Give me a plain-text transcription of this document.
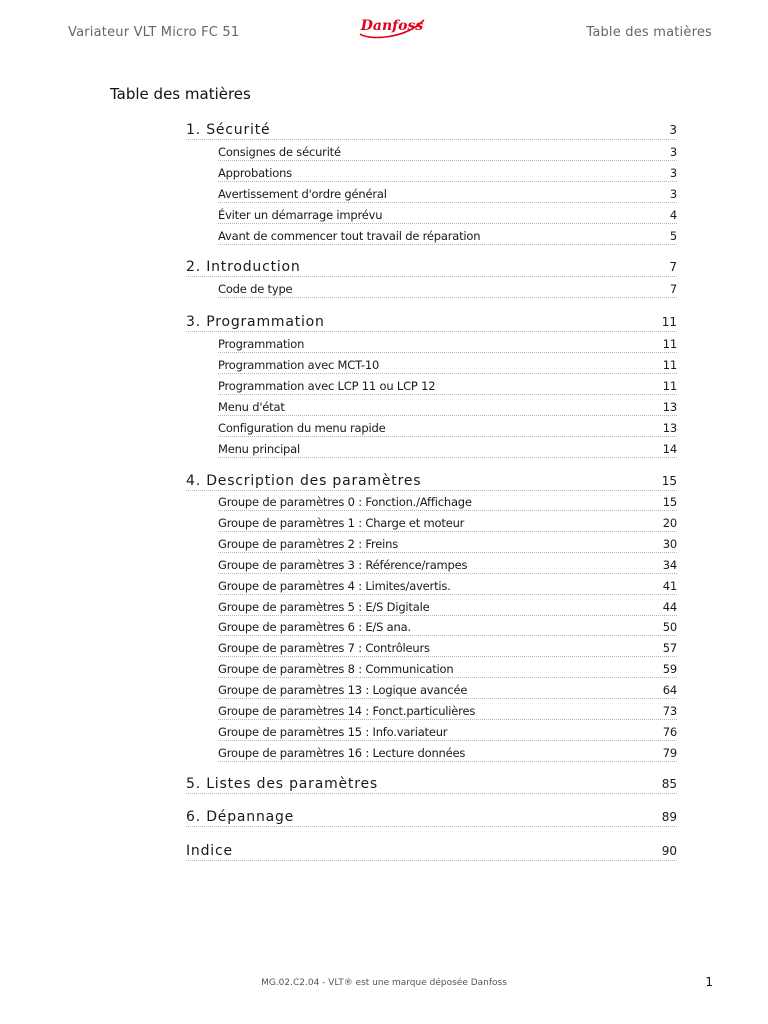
Variateur VLT Micro FC 51	Danfoss	Table des matières
Table des matières
1. Sécurité	3
Consignes de sécurité	3
Approbations	3
Avertissement d'ordre général	3
Éviter un démarrage imprévu	4
Avant de commencer tout travail de réparation	5
2. Introduction	7
Code de type	7
3. Programmation	11
Programmation	11
Programmation avec MCT-10	11
Programmation avec LCP 11 ou LCP 12	11
Menu d'état	13
Configuration du menu rapide	13
Menu principal	14
4. Description des paramètres	15
Groupe de paramètres 0 : Fonction./Affichage	15
Groupe de paramètres 1 : Charge et moteur	20
Groupe de paramètres 2 : Freins	30
Groupe de paramètres 3 : Référence/rampes	34
Groupe de paramètres 4 : Limites/avertis.	41
Groupe de paramètres 5 : E/S Digitale	44
Groupe de paramètres 6 : E/S ana.	50
Groupe de paramètres 7 : Contrôleurs	57
Groupe de paramètres 8 : Communication	59
Groupe de paramètres 13 : Logique avancée	64
Groupe de paramètres 14 : Fonct.particulières	73
Groupe de paramètres 15 : Info.variateur	76
Groupe de paramètres 16 : Lecture données	79
5. Listes des paramètres	85
6. Dépannage	89
Indice	90
MG.02.C2.04 - VLT® est une marque déposée Danfoss	1
